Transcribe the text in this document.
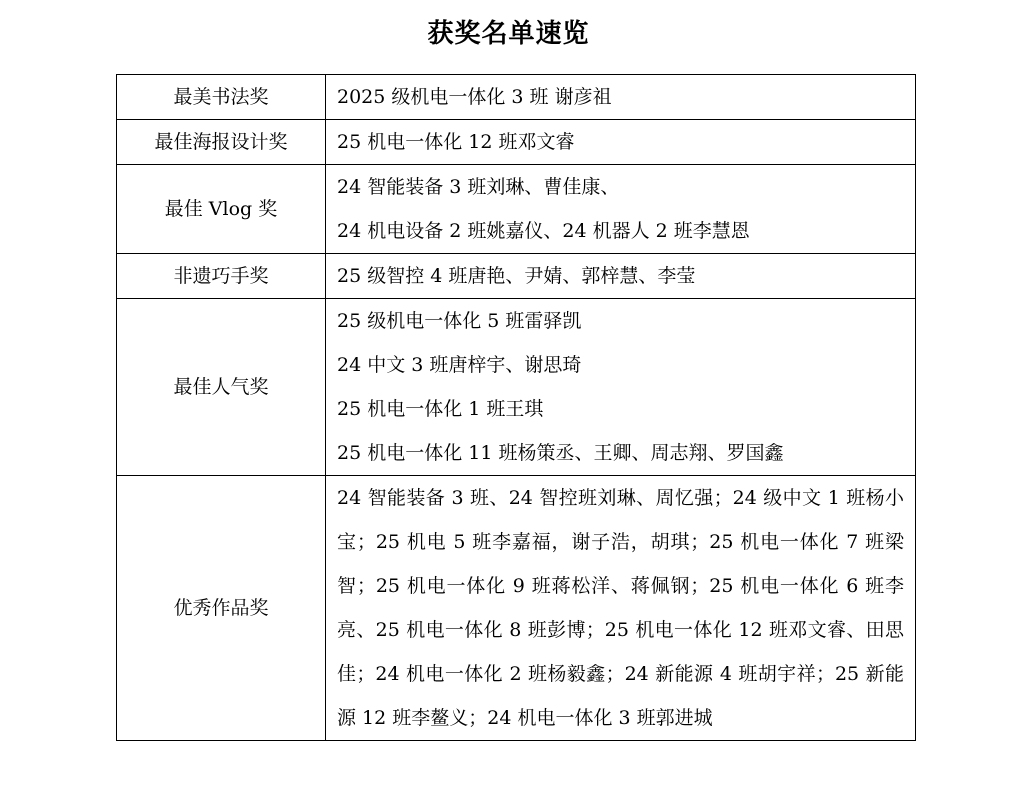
获奖名单速览
最美书法奖	2025 级机电一体化 3 班 谢彦祖

最佳海报设计奖	25 机电一体化 12 班邓文睿

最佳 Vlog 奖	24 智能装备 3 班刘琳、曹佳康、
24 机电设备 2 班姚嘉仪、24 机器人 2 班李慧恩

非遗巧手奖	25 级智控 4 班唐艳、尹婧、郭梓慧、李莹

最佳人气奖	25 级机电一体化 5 班雷驿凯
24 中文 3 班唐梓宇、谢思琦
25 机电一体化 1 班王琪
25 机电一体化 11 班杨策丞、王卿、周志翔、罗国鑫

优秀作品奖	24 智能装备 3 班、24 智控班刘琳、周忆强；24 级中文 1 班杨小宝；25 机电 5 班李嘉福，谢子浩，胡琪；25 机电一体化 7 班梁智；25 机电一体化 9 班蒋松洋、蒋佩钢；25 机电一体化 6 班李亮、25 机电一体化 8 班彭博；25 机电一体化 12 班邓文睿、田思佳；24 机电一体化 2 班杨毅鑫；24 新能源 4 班胡宇祥；25 新能源 12 班李鳌义；24 机电一体化 3 班郭进城
